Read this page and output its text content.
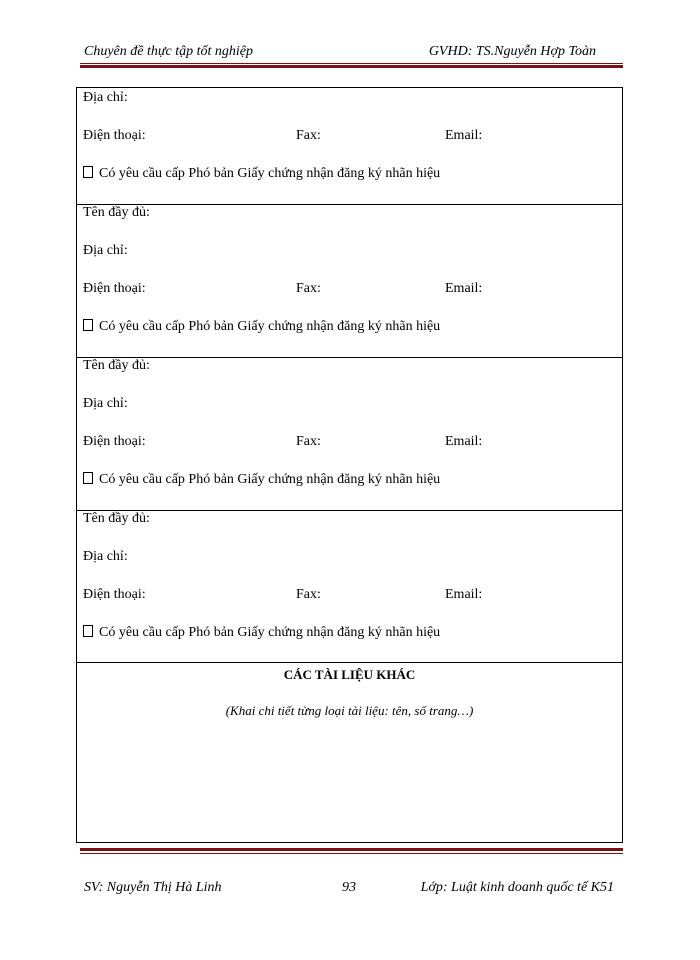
Chuyên đề thực tập tốt nghiệp	GVHD: TS.Nguyễn Hợp Toàn
Địa chỉ:
Điện thoại:	Fax:	Email:
Có yêu cầu cấp Phó bản Giấy chứng nhận đăng ký nhãn hiệu
Tên đầy đủ:
Địa chỉ:
Điện thoại:	Fax:	Email:
Có yêu cầu cấp Phó bản Giấy chứng nhận đăng ký nhãn hiệu
Tên đầy đủ:
Địa chỉ:
Điện thoại:	Fax:	Email:
Có yêu cầu cấp Phó bản Giấy chứng nhận đăng ký nhãn hiệu
Tên đầy đủ:
Địa chỉ:
Điện thoại:	Fax:	Email:
Có yêu cầu cấp Phó bản Giấy chứng nhận đăng ký nhãn hiệu
CÁC TÀI LIỆU KHÁC
(Khai chi tiết từng loại tài liệu: tên, số trang…)
SV: Nguyễn Thị Hà Linh	93	Lớp: Luật kinh doanh quốc tế K51
